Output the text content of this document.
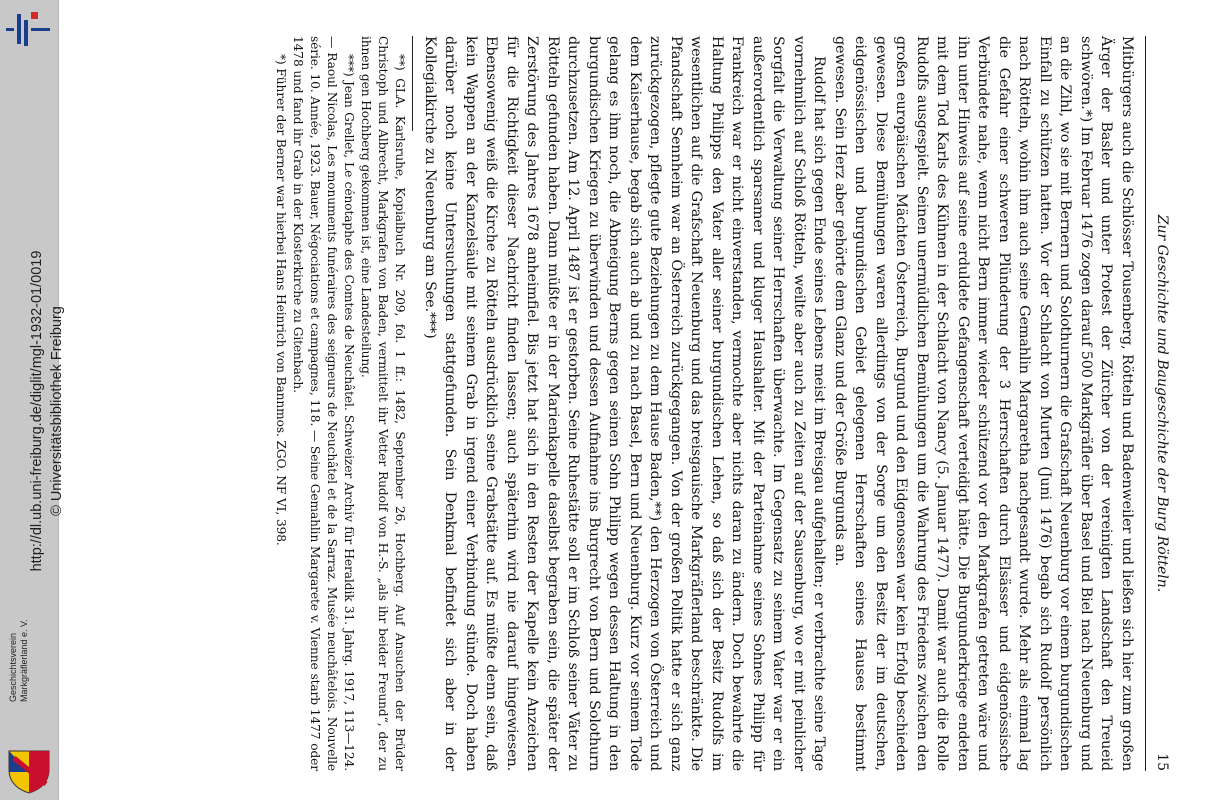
http://dl.ub.uni-freiburg.de/diglit/mgl-1932-01/0019 © Universitätsbibliothek Freiburg
Geschichtsverein Markgräflerland e. V.
Zur Geschichte und Baugeschichte der Burg Rötteln.
15

Mitbürgers auch die Schlösser Tousenberg, Rötteln und Badenweiler und ließen sich hier zum großen Ärger der Basler und unter Protest der Zürcher von der vereinigten Landschaft den Treueid schwören.*) Im Februar 1476 zogen darauf 500 Markgräfler über Basel und Biel nach Neuenburg und an die Zihl, wo sie mit Bernern und Solothurnern die Grafschaft Neuenburg vor einem burgundischen Einfall zu schützen hatten. Vor der Schlacht von Murten (Juni 1476) begab sich Rudolf persönlich nach Rötteln, wohin ihm auch seine Gemahlin Margaretha nachgesandt wurde. Mehr als einmal lag die Gefahr einer schweren Plünderung der 3 Herrschaften durch Elsässer und eidgenössische Verbündete nahe, wenn nicht Bern immer wieder schützend vor den Markgrafen getreten wäre und ihn unter Hinweis auf seine erduldete Gefangenschaft verteidigt hätte. Die Burgunderkriege endeten mit dem Tod Karls des Kühnen in der Schlacht von Nancy (5. Januar 1477). Damit war auch die Rolle Rudolfs ausgespielt. Seinen unermüdlichen Bemühungen um die Wahrung des Friedens zwischen den großen europäischen Mächten Österreich, Burgund und den Eidgenossen war kein Erfolg beschieden gewesen. Diese Bemühungen waren allerdings von der Sorge um den Besitz der im deutschen, eidgenössischen und burgundischen Gebiet gelegenen Herrschaften seines Hauses bestimmt gewesen. Sein Herz aber gehörte dem Glanz und der Größe Burgunds an.

Rudolf hat sich gegen Ende seines Lebens meist im Breisgau aufgehalten; er verbrachte seine Tage vornehmlich auf Schloß Rötteln, weilte aber auch zu Zeiten auf der Sausenburg, wo er mit peinlicher Sorgfalt die Verwaltung seiner Herrschaften überwachte. Im Gegensatz zu seinem Vater war er ein außerordentlich sparsamer und kluger Haushalter. Mit der Parteinahme seines Sohnes Philipp für Frankreich war er nicht einverstanden, vermochte aber nichts daran zu ändern. Doch bewahrte die Haltung Philipps den Vater aller seiner burgundischen Lehen, so daß sich der Besitz Rudolfs im wesentlichen auf die Grafschaft Neuenburg und das breisgauische Markgräflerland beschränkte. Die Pfandschaft Sennheim war an Österreich zurückgegangen. Von der großen Politik hatte er sich ganz zurückgezogen, pflegte gute Beziehungen zu dem Hause Baden,**) den Herzogen von Österreich und dem Kaiserhause, begab sich auch ab und zu nach Basel, Bern und Neuenburg. Kurz vor seinem Tode gelang es ihm noch, die Abneigung Berns gegen seinen Sohn Philipp wegen dessen Haltung in den burgundischen Kriegen zu überwinden und dessen Aufnahme ins Burgrecht von Bern und Solothurn durchzusetzen. Am 12. April 1487 ist er gestorben. Seine Ruhestätte soll er im Schloß seiner Väter zu Rötteln gefunden haben. Dann müßte er in der Marienkapelle daselbst begraben sein, die später der Zerstörung des Jahres 1678 anheimfiel. Bis jetzt hat sich in den Resten der Kapelle kein Anzeichen für die Richtigkeit dieser Nachricht finden lassen; auch späterhin wird nie darauf hingewiesen. Ebensowenig weiß die Kirche zu Rötteln ausdrücklich seine Grabstätte auf. Es müßte denn sein, daß kein Wappen an der Kanzelsäule mit seinem Grab in irgend einer Verbindung stünde. Doch haben darüber noch keine Untersuchungen stattgefunden. Sein Denkmal befindet sich aber in der Kollegialkirche zu Neuenburg am See.***)

**) GLA. Karlsruhe, Kopialbuch Nr. 209, fol. 1 ff.: 1482, September 26, Hochberg. Auf Ansuchen der Brüder Christoph und Albrecht, Markgrafen von Baden, vermittelt ihr Vetter Rudolf von H.-S. „als ihr beider Freund“, der zu ihnen gen Hochberg gekommen ist, eine Landesteilung.

***) Jean Grellet, Le cénotaphe des Comtes de Neuchâtel. Schweizer Archiv für Heraldik 31. Jahrg. 1917, 113—124. — Raoul Nicolas, Les monuments funéraires des seigneurs de Neuchâtel et de la Sarraz. Musée neuchâtelois. Nouvelle série. 10. Année, 1923. Bauer, Négociations et campagnes, 118. — Seine Gemahlin Margarete v. Vienne starb 1477 oder 1478 und fand ihr Grab in der Klosterkirche zu Gitenbach.

*) Führer der Berner war hierbei Hans Heinrich von Bannmos. ZGO. NF VI, 398.
